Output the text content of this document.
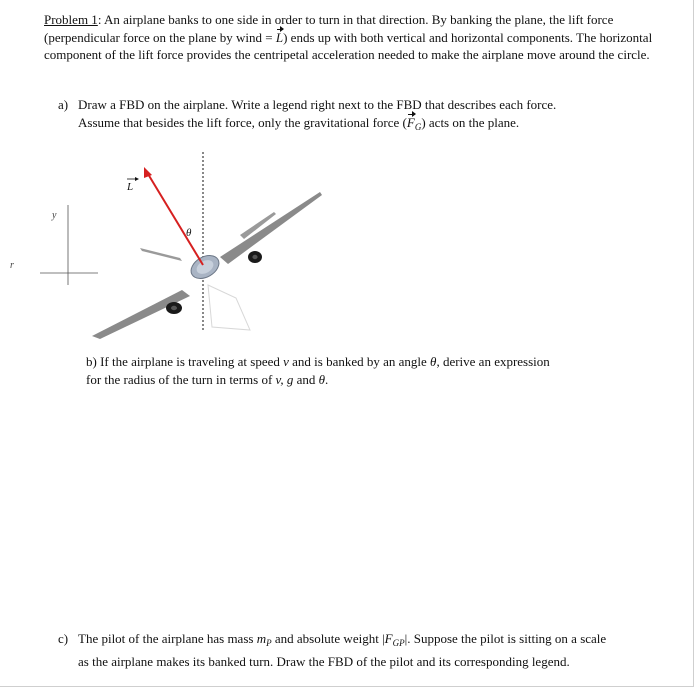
Problem 1: An airplane banks to one side in order to turn in that direction. By banking the plane, the lift force (perpendicular force on the plane by wind = L) ends up with both vertical and horizontal components. The horizontal component of the lift force provides the centripetal acceleration needed to make the airplane move around the circle.
a) Draw a FBD on the airplane. Write a legend right next to the FBD that describes each force.
Assume that besides the lift force, only the gravitational force $(F_G)$ acts on the plane.
y
r
L
θ
b) If the airplane is traveling at speed v and is banked by an angle θ, derive an expression
for the radius of the turn in terms of v, g and θ.
c) The pilot of the airplane has mass $m_P$ and absolute weight $|F_{GP}|$. Suppose the pilot is sitting on a scale
as the airplane makes its banked turn. Draw the FBD of the pilot and its corresponding legend.
